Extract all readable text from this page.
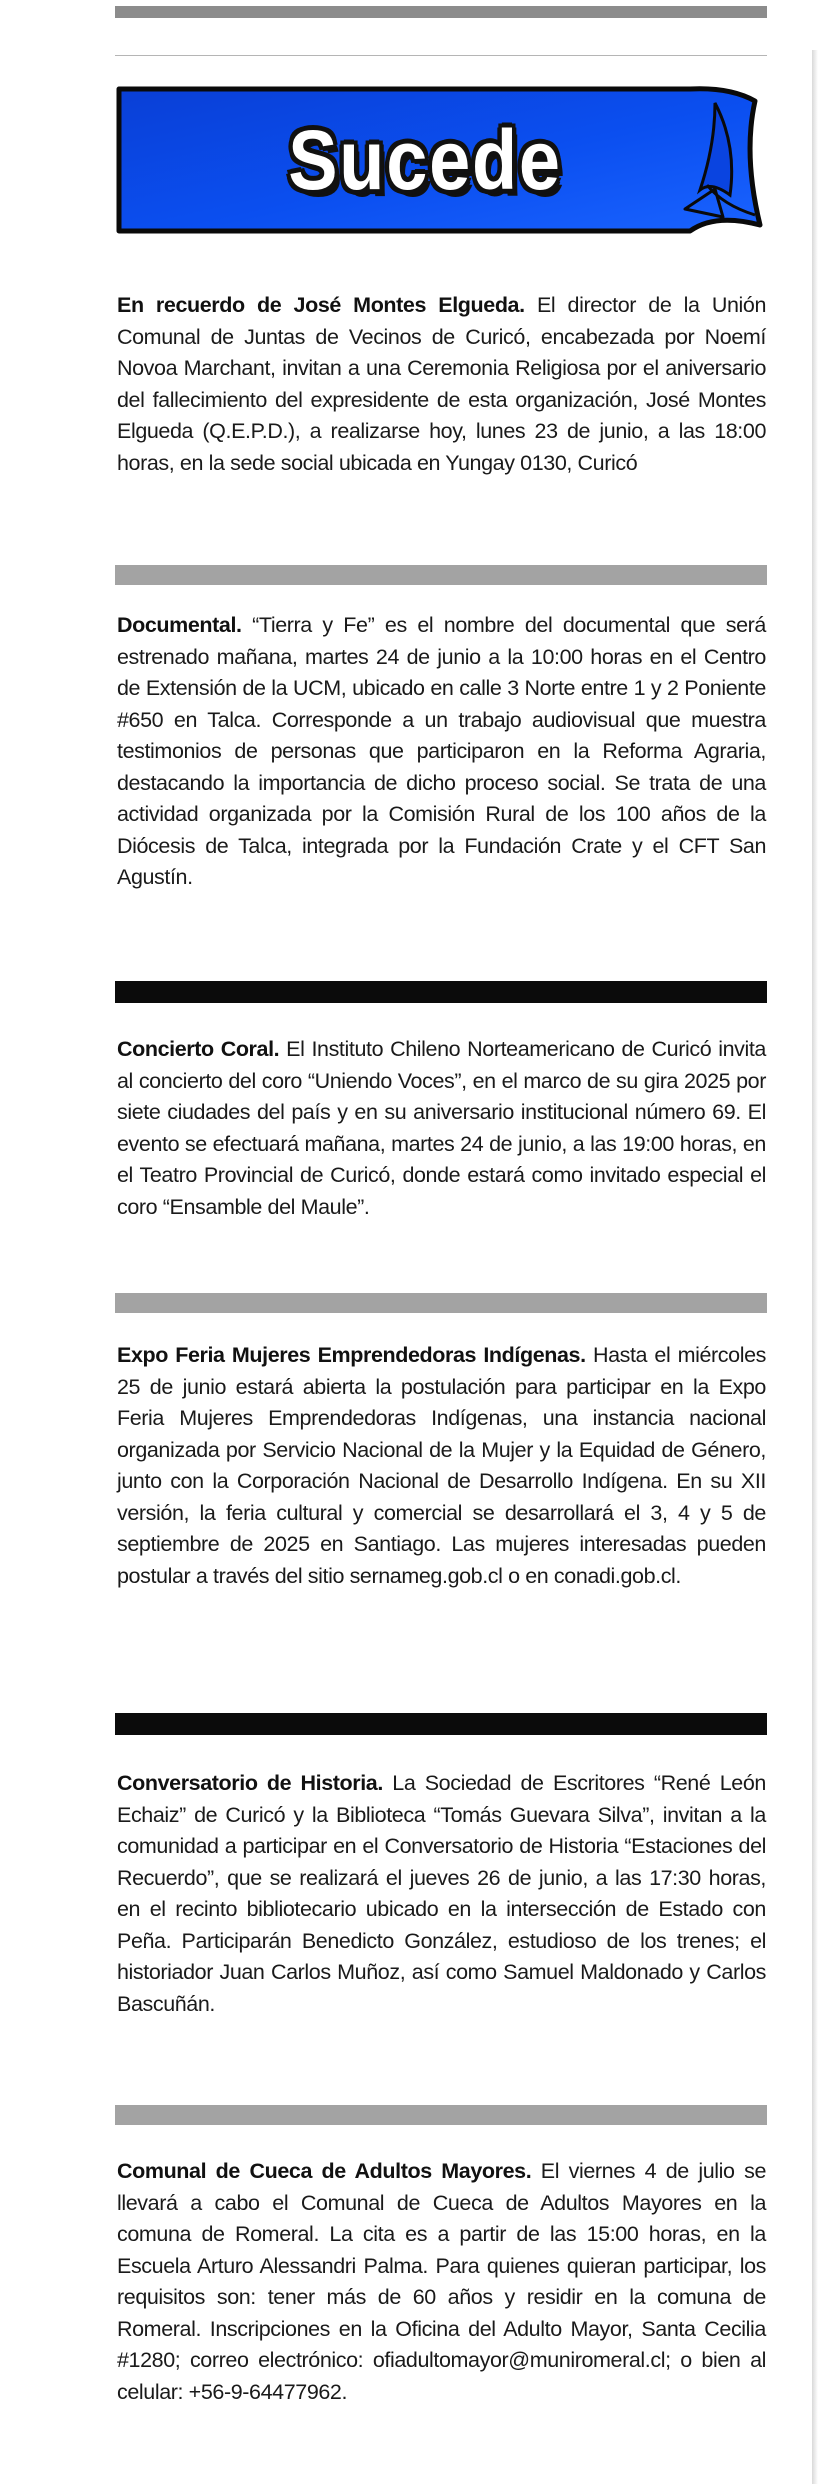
Sucede
En recuerdo de José Montes Elgueda. El director de la Unión Comunal de Juntas de Vecinos de Curicó, encabezada por Noemí Novoa Marchant, invitan a una Ceremonia Religiosa por el aniversario del fallecimiento del expresidente de esta organización, José Montes Elgueda (Q.E.P.D.), a realizarse hoy, lunes 23 de junio, a las 18:00 horas, en la sede social ubicada en Yungay 0130, Curicó
Documental. “Tierra y Fe” es el nombre del documental que será estrenado mañana, martes 24 de junio a la 10:00 horas en el Centro de Extensión de la UCM, ubicado en calle 3 Norte entre 1 y 2 Poniente #650 en Talca. Corresponde a un trabajo audiovisual que muestra testimonios de personas que participaron en la Reforma Agraria, destacando la importancia de dicho proceso social. Se trata de una actividad organizada por la Comisión Rural de los 100 años de la Diócesis de Talca, integrada por la Fundación Crate y el CFT San Agustín.
Concierto Coral. El Instituto Chileno Norteamericano de Curicó invita al concierto del coro “Uniendo Voces”, en el marco de su gira 2025 por siete ciudades del país y en su aniversario institucional número 69. El evento se efectuará mañana, martes 24 de junio, a las 19:00 horas, en el Teatro Provincial de Curicó, donde estará como invitado especial el coro “Ensamble del Maule”.
Expo Feria Mujeres Emprendedoras Indígenas. Hasta el miércoles 25 de junio estará abierta la postulación para participar en la Expo Feria Mujeres Emprendedoras Indígenas, una instancia nacional organizada por Servicio Nacional de la Mujer y la Equidad de Género, junto con la Corporación Nacional de Desarrollo Indígena. En su XII versión, la feria cultural y comercial se desarrollará el 3, 4 y 5 de septiembre de 2025 en Santiago. Las mujeres interesadas pueden postular a través del sitio sernameg.gob.cl o en conadi.gob.cl.
Conversatorio de Historia. La Sociedad de Escritores “René León Echaiz” de Curicó y la Biblioteca “Tomás Guevara Silva”, invitan a la comunidad a participar en el Conversatorio de Historia “Estaciones del Recuerdo”, que se realizará el jueves 26 de junio, a las 17:30 horas, en el recinto bibliotecario ubicado en la intersección de Estado con Peña. Participarán Benedicto González, estudioso de los trenes; el historiador Juan Carlos Muñoz, así como Samuel Maldonado y Carlos Bascuñán.
Comunal de Cueca de Adultos Mayores. El viernes 4 de julio se llevará a cabo el Comunal de Cueca de Adultos Mayores en la comuna de Romeral. La cita es a partir de las 15:00 horas, en la Escuela Arturo Alessandri Palma. Para quienes quieran participar, los requisitos son: tener más de 60 años y residir en la comuna de Romeral. Inscripciones en la Oficina del Adulto Mayor, Santa Cecilia #1280; correo electrónico: ofiadultomayor@muniromeral.cl; o bien al celular: +56-9-64477962.
